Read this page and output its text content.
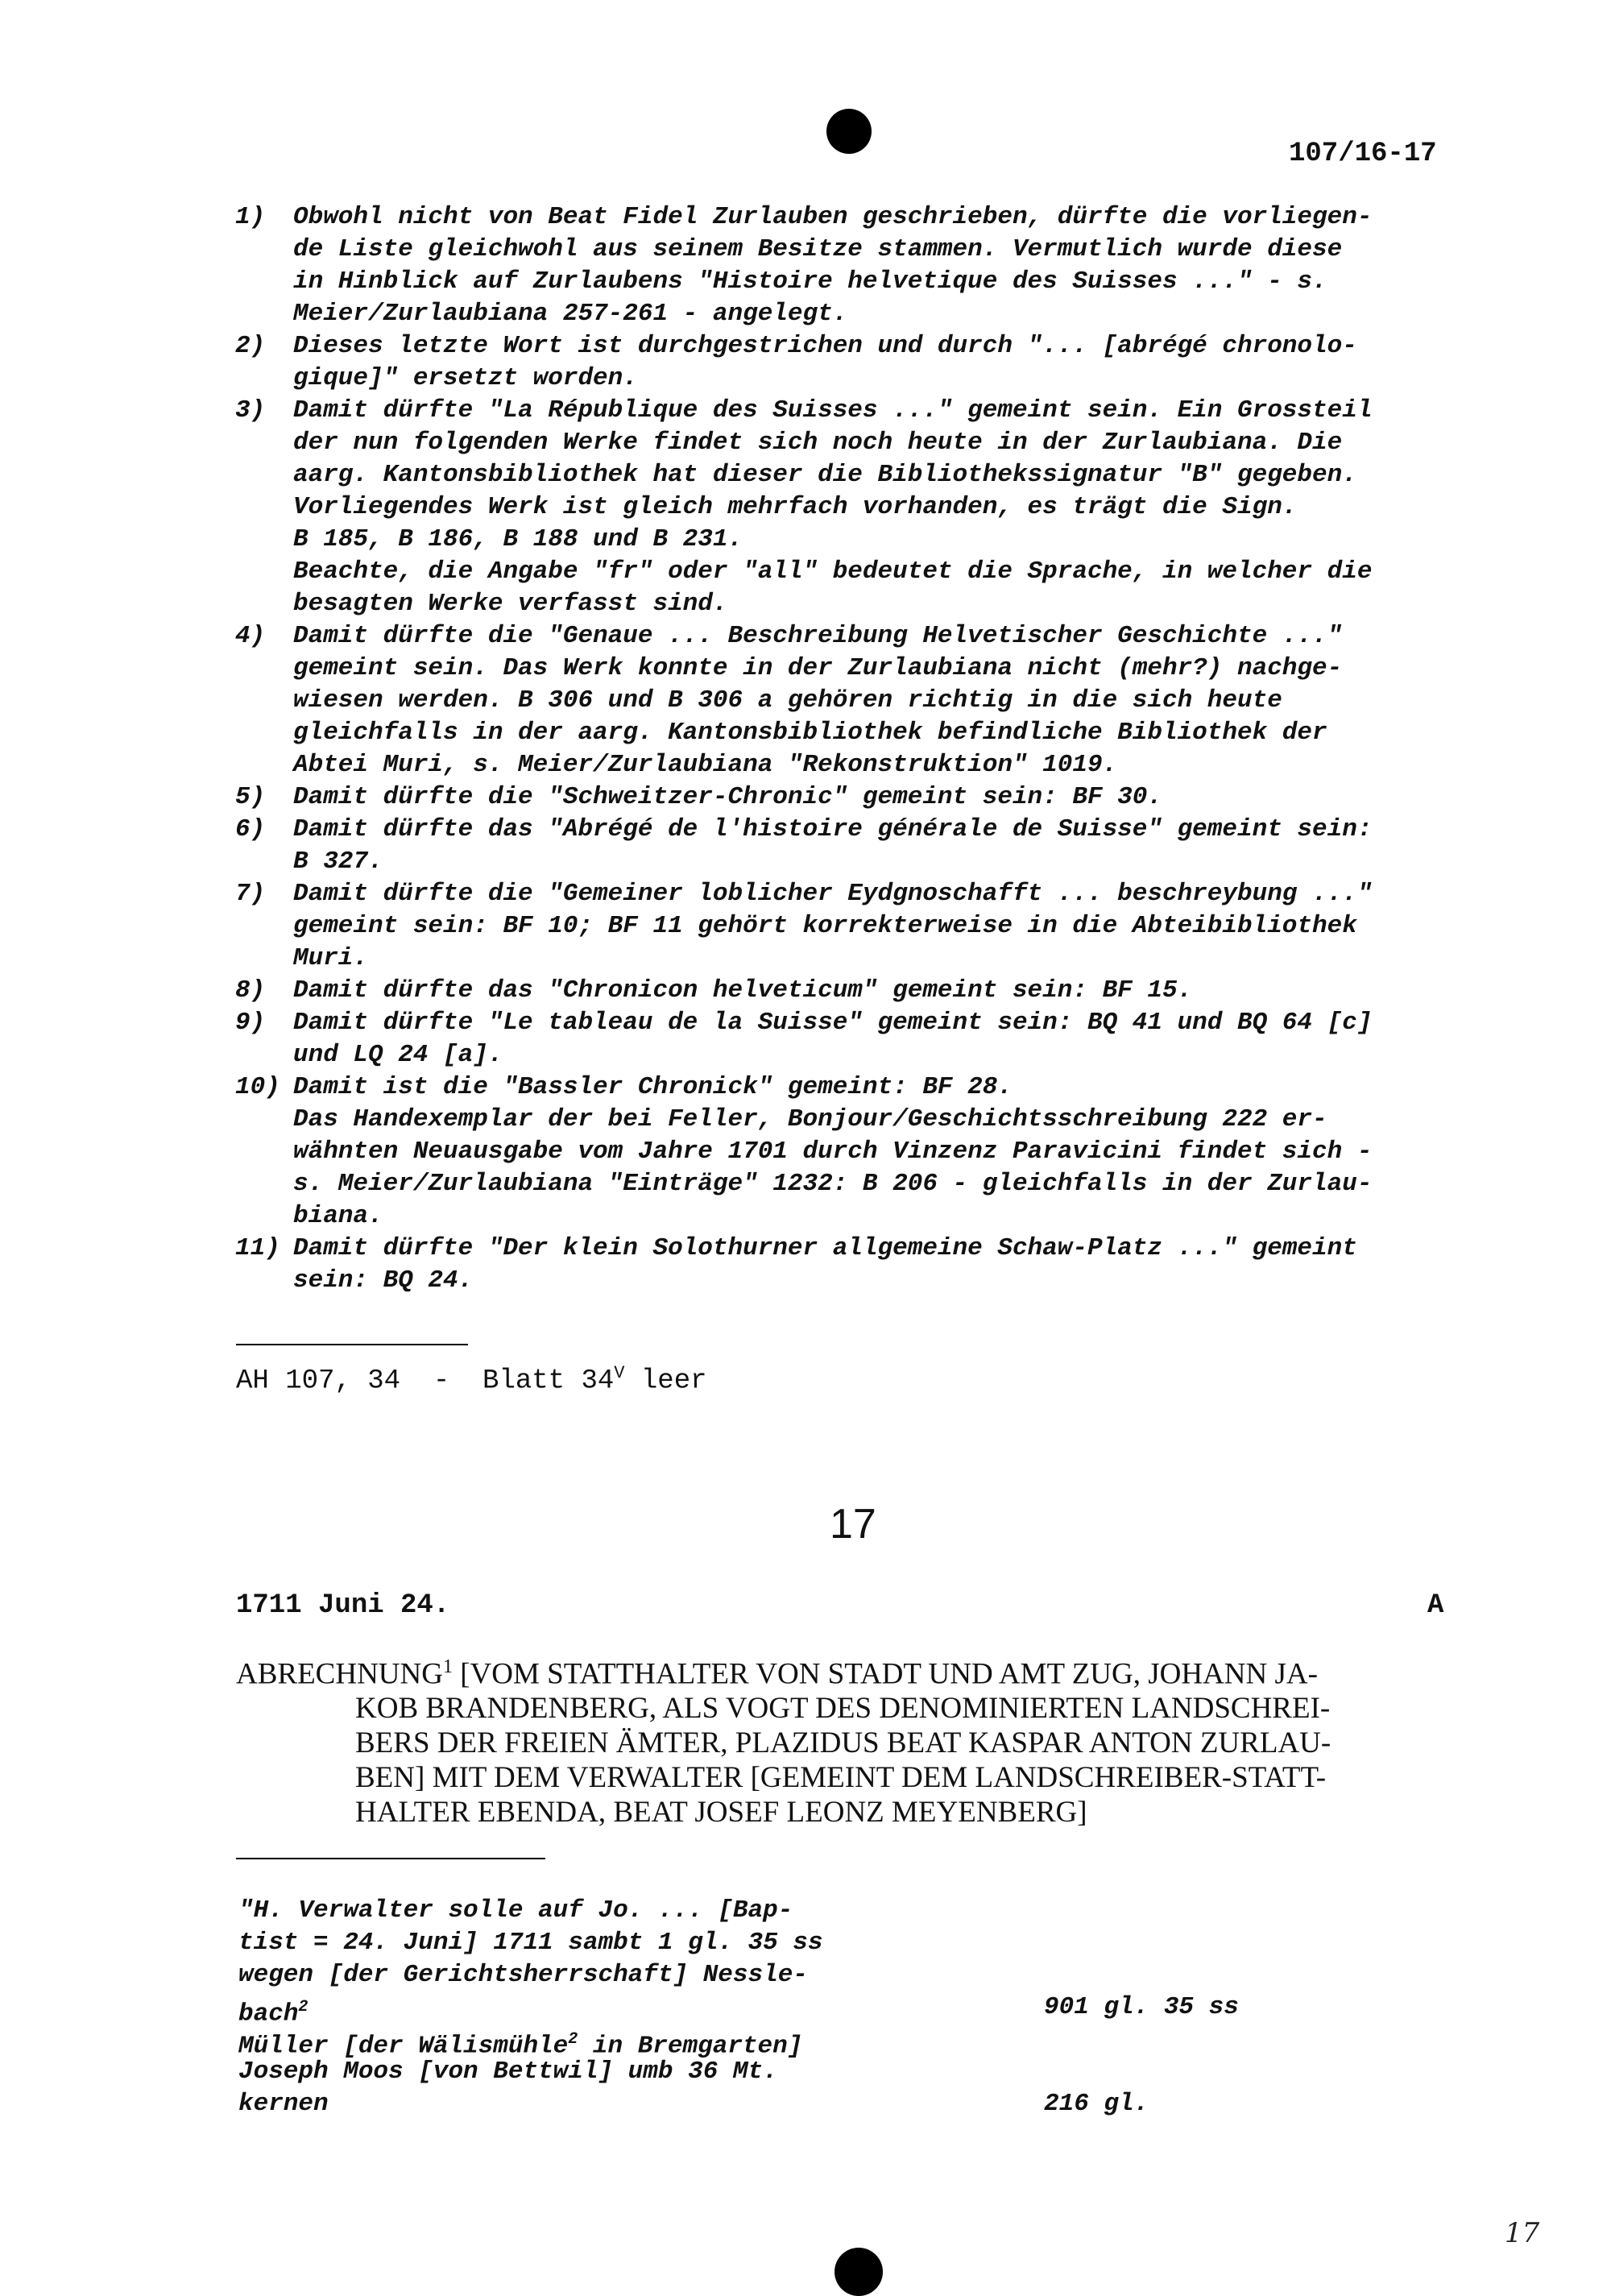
107/16-17
1) Obwohl nicht von Beat Fidel Zurlauben geschrieben, dürfte die vorliegen-
de Liste gleichwohl aus seinem Besitze stammen. Vermutlich wurde diese
in Hinblick auf Zurlaubens "Histoire helvetique des Suisses ..." - s.
Meier/Zurlaubiana 257-261 - angelegt.
2) Dieses letzte Wort ist durchgestrichen und durch "... [abrégé chronolo-
gique]" ersetzt worden.
3) Damit dürfte "La République des Suisses ..." gemeint sein. Ein Grossteil
der nun folgenden Werke findet sich noch heute in der Zurlaubiana. Die
aarg. Kantonsbibliothek hat dieser die Bibliothekssignatur "B" gegeben.
Vorliegendes Werk ist gleich mehrfach vorhanden, es trägt die Sign.
B 185, B 186, B 188 und B 231.
Beachte, die Angabe "fr" oder "all" bedeutet die Sprache, in welcher die
besagten Werke verfasst sind.
4) Damit dürfte die "Genaue ... Beschreibung Helvetischer Geschichte ..."
gemeint sein. Das Werk konnte in der Zurlaubiana nicht (mehr?) nachge-
wiesen werden. B 306 und B 306 a gehören richtig in die sich heute
gleichfalls in der aarg. Kantonsbibliothek befindliche Bibliothek der
Abtei Muri, s. Meier/Zurlaubiana "Rekonstruktion" 1019.
5) Damit dürfte die "Schweitzer-Chronic" gemeint sein: BF 30.
6) Damit dürfte das "Abrégé de l'histoire générale de Suisse" gemeint sein:
B 327.
7) Damit dürfte die "Gemeiner loblicher Eydgnoschafft ... beschreybung ..."
gemeint sein: BF 10; BF 11 gehört korrekterweise in die Abteibibliothek
Muri.
8) Damit dürfte das "Chronicon helveticum" gemeint sein: BF 15.
9) Damit dürfte "Le tableau de la Suisse" gemeint sein: BQ 41 und BQ 64 [c]
und LQ 24 [a].
10) Damit ist die "Bassler Chronick" gemeint: BF 28.
Das Handexemplar der bei Feller, Bonjour/Geschichtsschreibung 222 er-
wähnten Neuausgabe vom Jahre 1701 durch Vinzenz Paravicini findet sich -
s. Meier/Zurlaubiana "Einträge" 1232: B 206 - gleichfalls in der Zurlau-
biana.
11) Damit dürfte "Der klein Solothurner allgemeine Schaw-Platz ..." gemeint
sein: BQ 24.
AH 107, 34  -  Blatt $34^V$ leer
17
1711 Juni 24.	A
ABRECHNUNG$^1$ [VOM STATTHALTER VON STADT UND AMT ZUG, JOHANN JA-
KOB BRANDENBERG, ALS VOGT DES DENOMINIERTEN LANDSCHREI-
BERS DER FREIEN ÄMTER, PLAZIDUS BEAT KASPAR ANTON ZURLAU-
BEN] MIT DEM VERWALTER [GEMEINT DEM LANDSCHREIBER-STATT-
HALTER EBENDA, BEAT JOSEF LEONZ MEYENBERG]
"H. Verwalter solle auf Jo. ... [Bap-
tist = 24. Juni] 1711 sambt 1 gl. 35 ss
wegen [der Gerichtsherrschaft] Nessle-
bach$^2$	901 gl. 35 ss
Müller [der Wälismühle$^2$ in Bremgarten]
Joseph Moos [von Bettwil] umb 36 Mt.
kernen	216 gl.
17
